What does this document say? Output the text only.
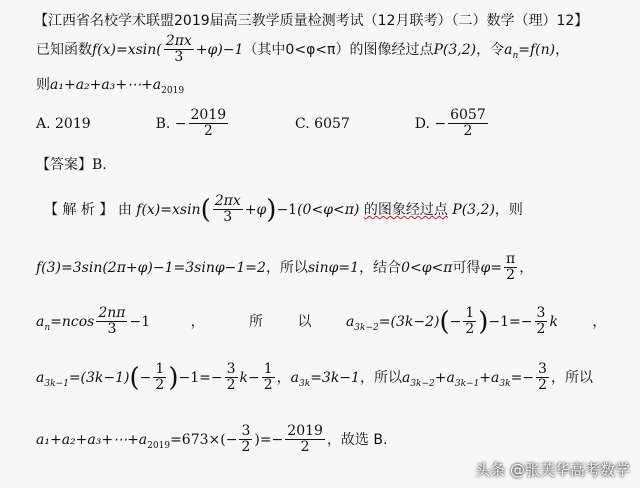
【江西省名校学术联盟2019届高三教学质量检测考试（12月联考）（二）数学（理）12】
已知函数$f(x)=xsin( \frac{2\pi x}{3} +\varphi)-1$（其中0<φ<π）的图像经过点P(3,2)，令$a_n=f(n)$，
则$a_1+a_2+a_3+\cdots+a_{2019}$
A. 2019	B. − $\frac{2019}{2}$	C. 6057	D. − $\frac{6057}{2}$
【答案】B.
【 解 析 】 由 $f(x)=xsin( \frac{2\pi x}{3} +\varphi)-1(0<\varphi<\pi)$ 的图象经过点 P(3,2)，则
f(3)=3sin(2π+φ)−1=3sinφ−1=2，所以sinφ=1，结合0<φ<π可得$\varphi= \frac{\pi}{2}$ ，
$a_n=ncos \frac{2n\pi}{3} -1$	，	所 以 $a_{3k-2}=(3k-2)(- \frac{1}{2} )-1=- \frac{3}{2}$ k ，
$a_{3k-1}=(3k-1)(- \frac{1}{2} )-1=- \frac{3}{2} k- \frac{1}{2}$ ，$a_{3k}=3k-1$，所以$a_{3k-2}+a_{3k-1}+a_{3k}=- \frac{3}{2}$ ，所以
$a_1+a_2+a_3+\cdots+a_{2019}=673\times(- \frac{3}{2}$ )=− $\frac{2019}{2}$ ，故选 B.
头条 @张芙华高考数学
